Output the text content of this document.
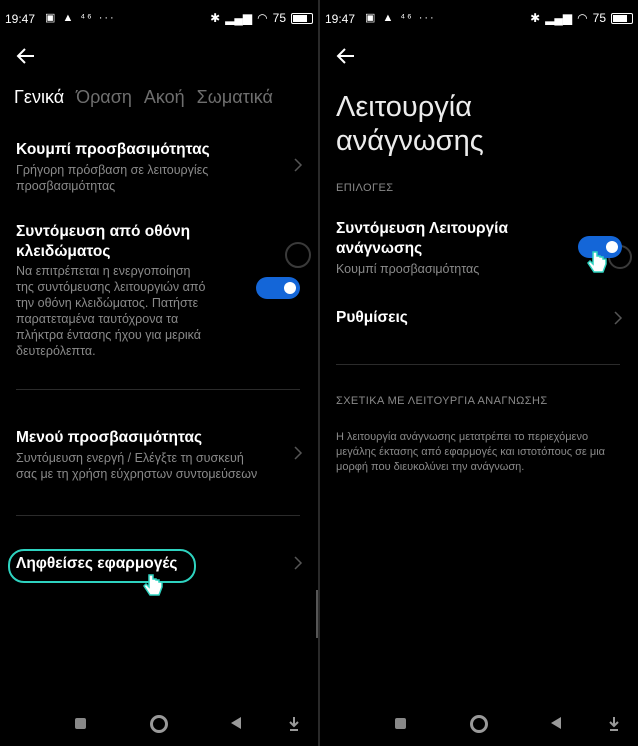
19:47 ▣ ▲ ⁴⁶ ···	✱ ▂▄▆ ◠ 75
Γενικά Όραση Ακοή Σωματικά
Κουμπί προσβασιμότητας
Γρήγορη πρόσβαση σε λειτουργίες
προσβασιμότητας
Συντόμευση από οθόνη
κλειδώματος
Να επιτρέπεται η ενεργοποίηση
της συντόμευσης λειτουργιών από
την οθόνη κλειδώματος. Πατήστε
παρατεταμένα ταυτόχρονα τα
πλήκτρα έντασης ήχου για μερικά
δευτερόλεπτα.
Μενού προσβασιμότητας
Συντόμευση ενεργή / Ελέγξτε τη συσκευή
σας με τη χρήση εύχρηστων συντομεύσεων
Ληφθείσες εφαρμογές
19:47 ▣ ▲ ⁴⁶ ···	✱ ▂▄▆ ◠ 75
Λειτουργία
ανάγνωσης
ΕΠΙΛΟΓΕΣ
Συντόμευση Λειτουργία
ανάγνωσης
Κουμπί προσβασιμότητας
Ρυθμίσεις
ΣΧΕΤΙΚΑ ΜΕ ΛΕΙΤΟΥΡΓΙΑ ΑΝΑΓΝΩΣΗΣ
Η λειτουργία ανάγνωσης μετατρέπει το περιεχόμενο
μεγάλης έκτασης από εφαρμογές και ιστοτόπους σε μια
μορφή που διευκολύνει την ανάγνωση.
